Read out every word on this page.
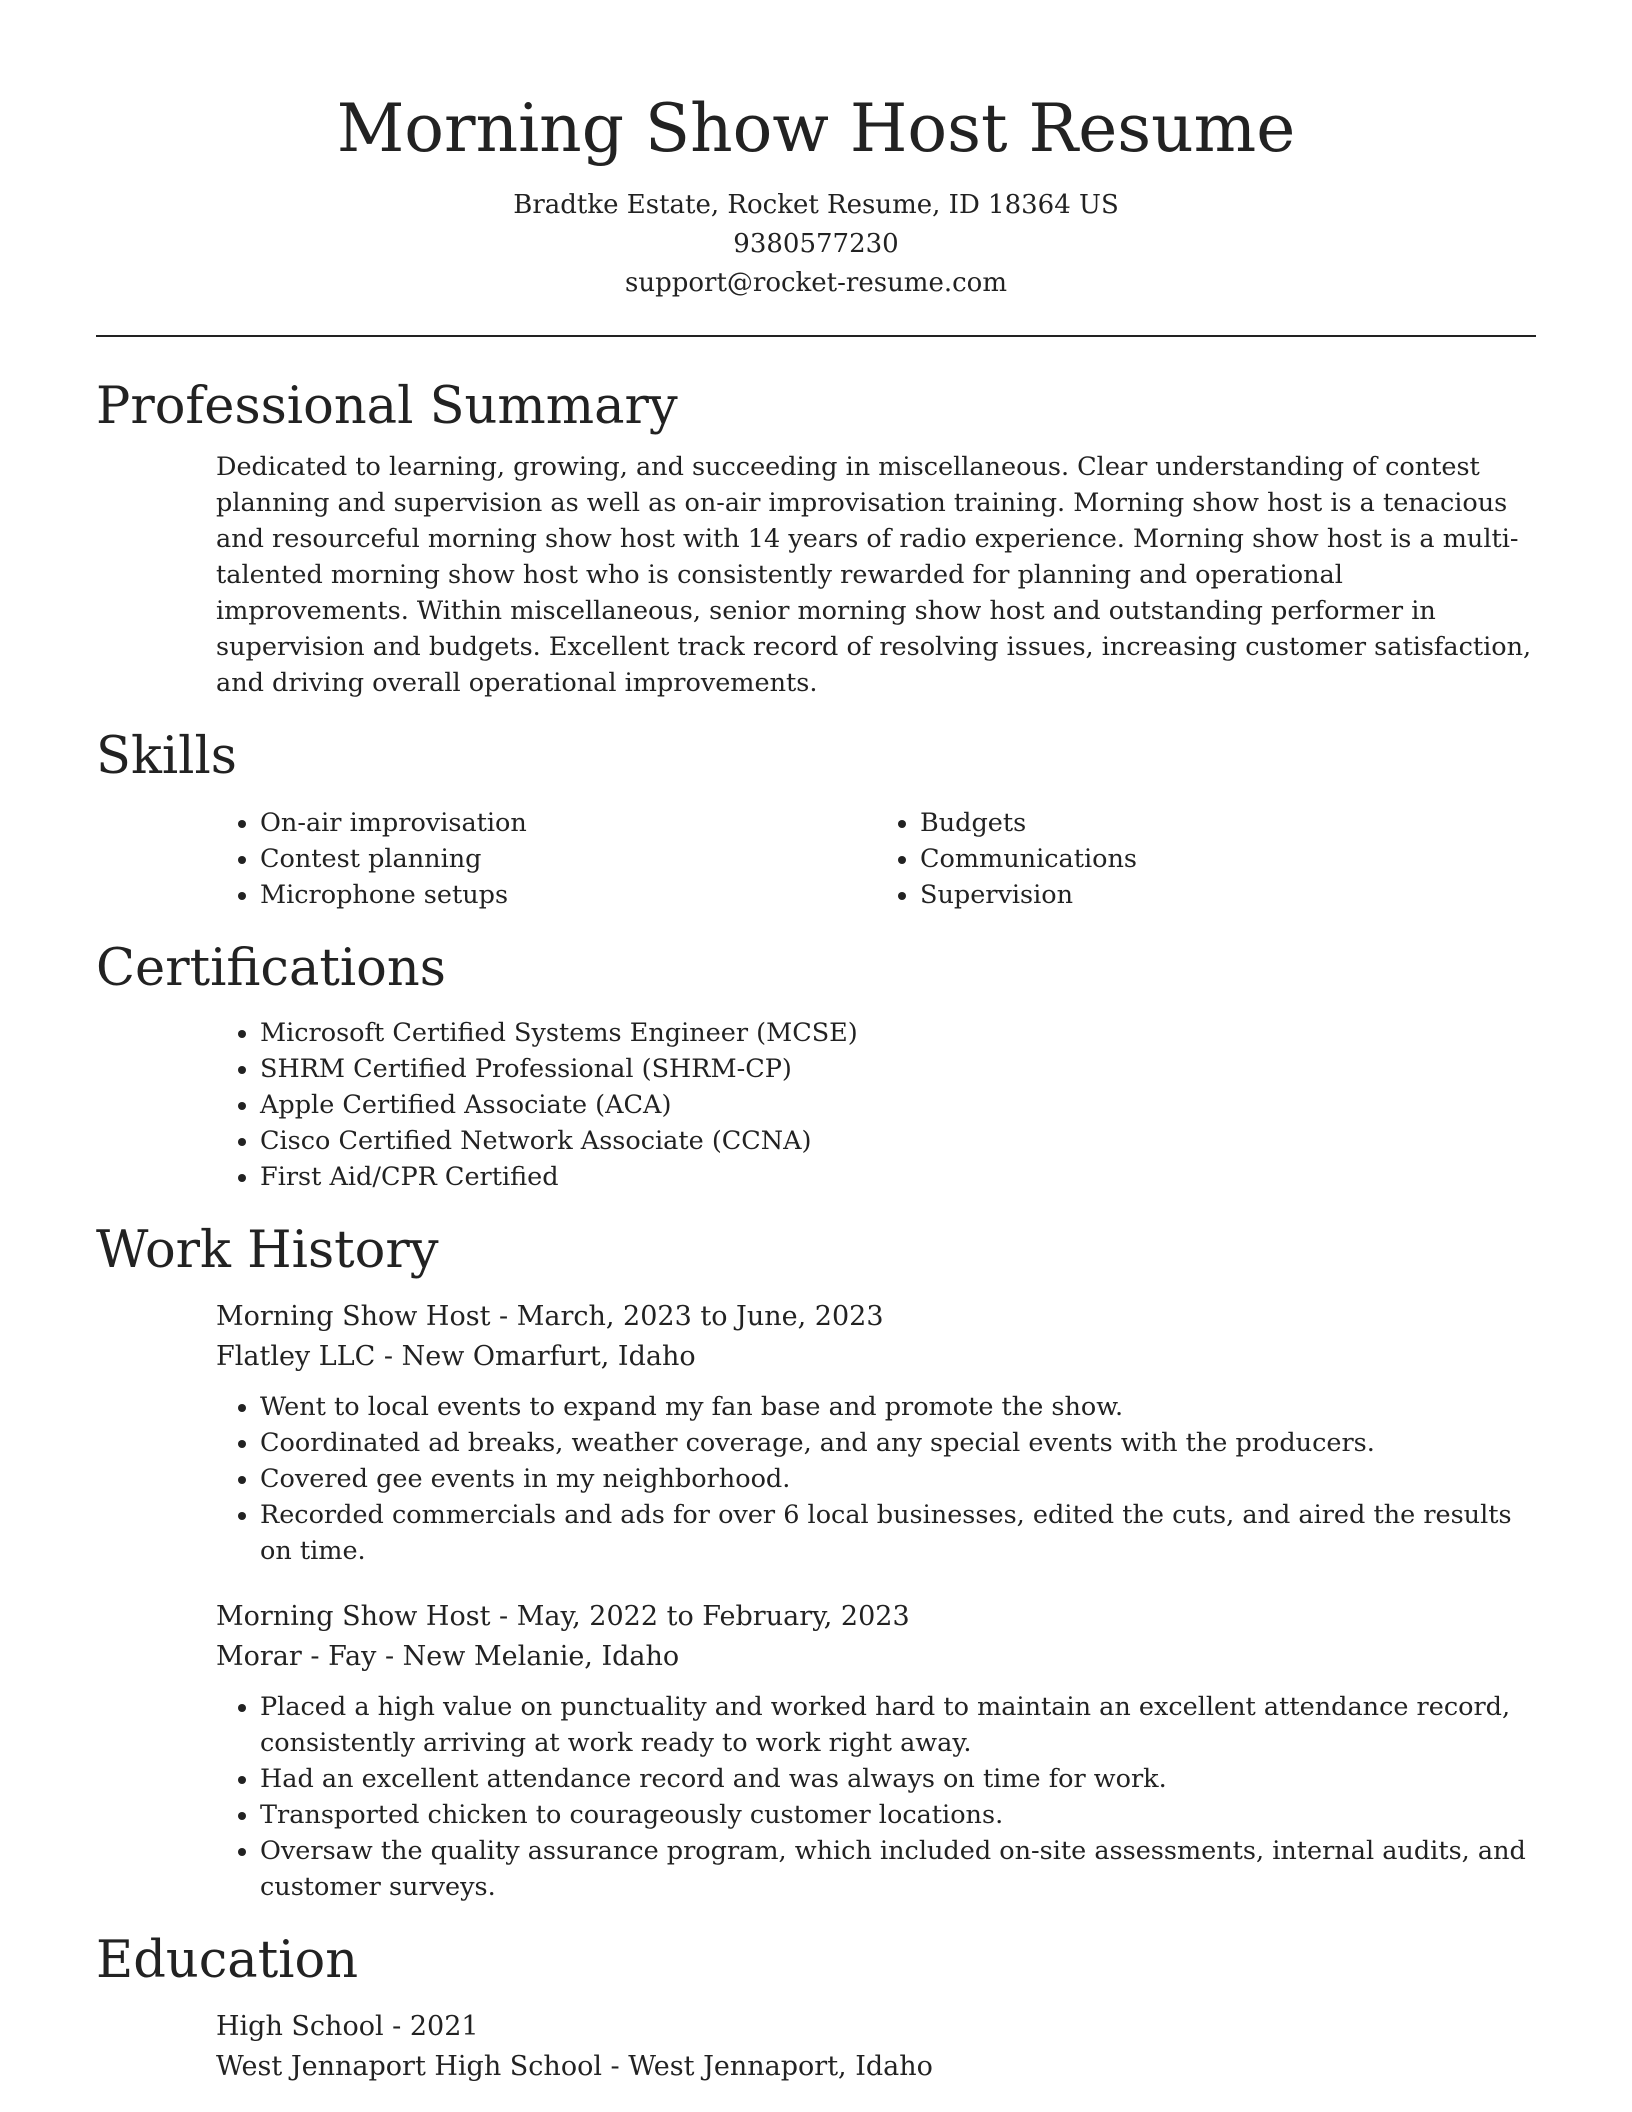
Morning Show Host Resume
Bradtke Estate, Rocket Resume, ID 18364 US
9380577230
support@rocket-resume.com
Professional Summary

Dedicated to learning, growing, and succeeding in miscellaneous. Clear understanding of contest planning and supervision as well as on-air improvisation training. Morning show host is a tenacious and resourceful morning show host with 14 years of radio experience. Morning show host is a multi-talented morning show host who is consistently rewarded for planning and operational improvements. Within miscellaneous, senior morning show host and outstanding performer in supervision and budgets. Excellent track record of resolving issues, increasing customer satisfaction, and driving overall operational improvements.

Skills
• On-air improvisation
• Contest planning
• Microphone setups
• Budgets
• Communications
• Supervision
Certifications
• Microsoft Certified Systems Engineer (MCSE)
• SHRM Certified Professional (SHRM-CP)
• Apple Certified Associate (ACA)
• Cisco Certified Network Associate (CCNA)
• First Aid/CPR Certified
Work History
Morning Show Host - March, 2023 to June, 2023
Flatley LLC - New Omarfurt, Idaho
• Went to local events to expand my fan base and promote the show.
• Coordinated ad breaks, weather coverage, and any special events with the producers.
• Covered gee events in my neighborhood.
• Recorded commercials and ads for over 6 local businesses, edited the cuts, and aired the results on time.
Morning Show Host - May, 2022 to February, 2023
Morar - Fay - New Melanie, Idaho
• Placed a high value on punctuality and worked hard to maintain an excellent attendance record, consistently arriving at work ready to work right away.
• Had an excellent attendance record and was always on time for work.
• Transported chicken to courageously customer locations.
• Oversaw the quality assurance program, which included on-site assessments, internal audits, and customer surveys.
Education
High School - 2021
West Jennaport High School - West Jennaport, Idaho
